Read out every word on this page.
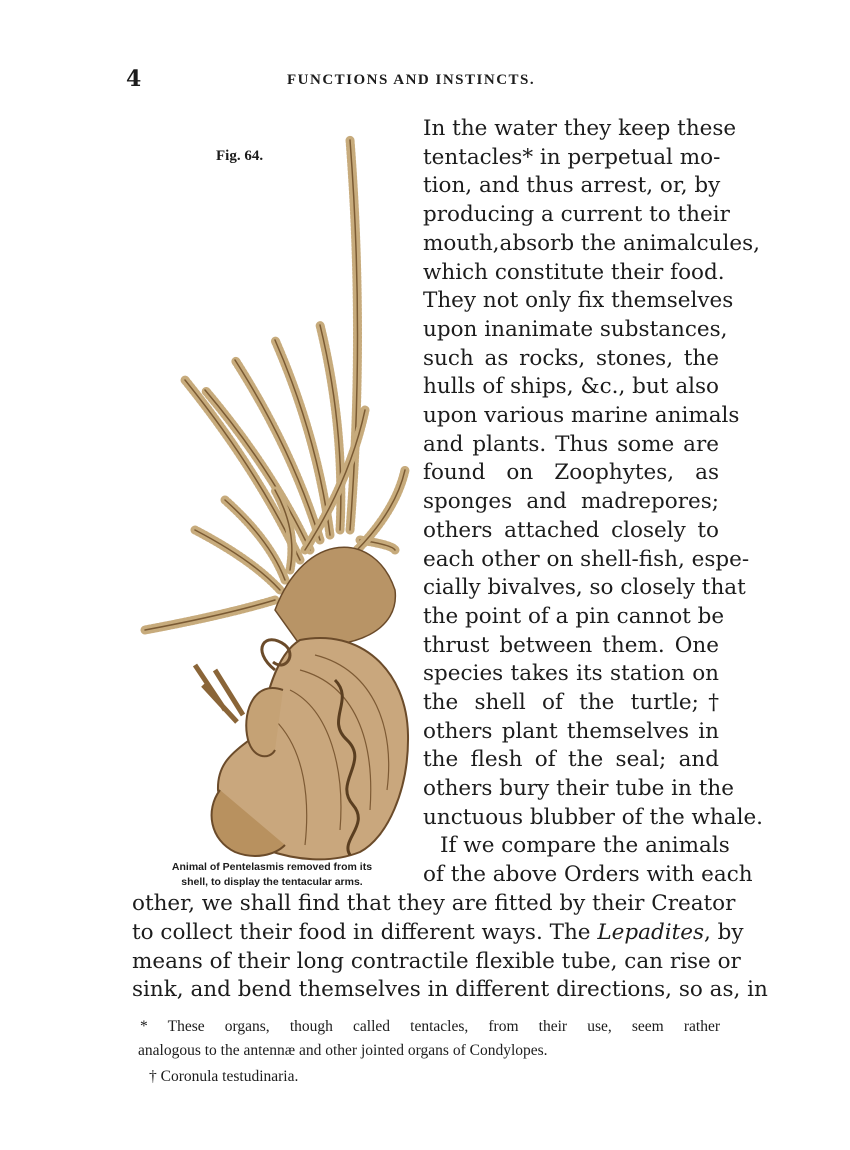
4	FUNCTIONS AND INSTINCTS.
Fig. 64.
Animal of Pentelasmis removed from its
shell, to display the tentacular arms.
In the water they keep these
tentacles* in perpetual mo-
tion, and thus arrest, or, by
producing a current to their
mouth,absorb the animalcules,
which constitute their food.
They not only fix themselves
upon inanimate substances,
such as rocks, stones, the
hulls of ships, &c., but also
upon various marine animals
and plants. Thus some are
found on Zoophytes, as
sponges and madrepores;
others attached closely to
each other on shell-fish, espe-
cially bivalves, so closely that
the point of a pin cannot be
thrust between them. One
species takes its station on
the shell of the turtle;†
others plant themselves in
the flesh of the seal; and
others bury their tube in the
unctuous blubber of the whale.
If we compare the animals
of the above Orders with each
other, we shall find that they are fitted by their Creator
to collect their food in different ways. The Lepadites, by
means of their long contractile flexible tube, can rise or
sink, and bend themselves in different directions, so as, in
* These organs, though called tentacles, from their use, seem rather
analogous to the antennæ and other jointed organs of Condylopes.
† Coronula testudinaria.
